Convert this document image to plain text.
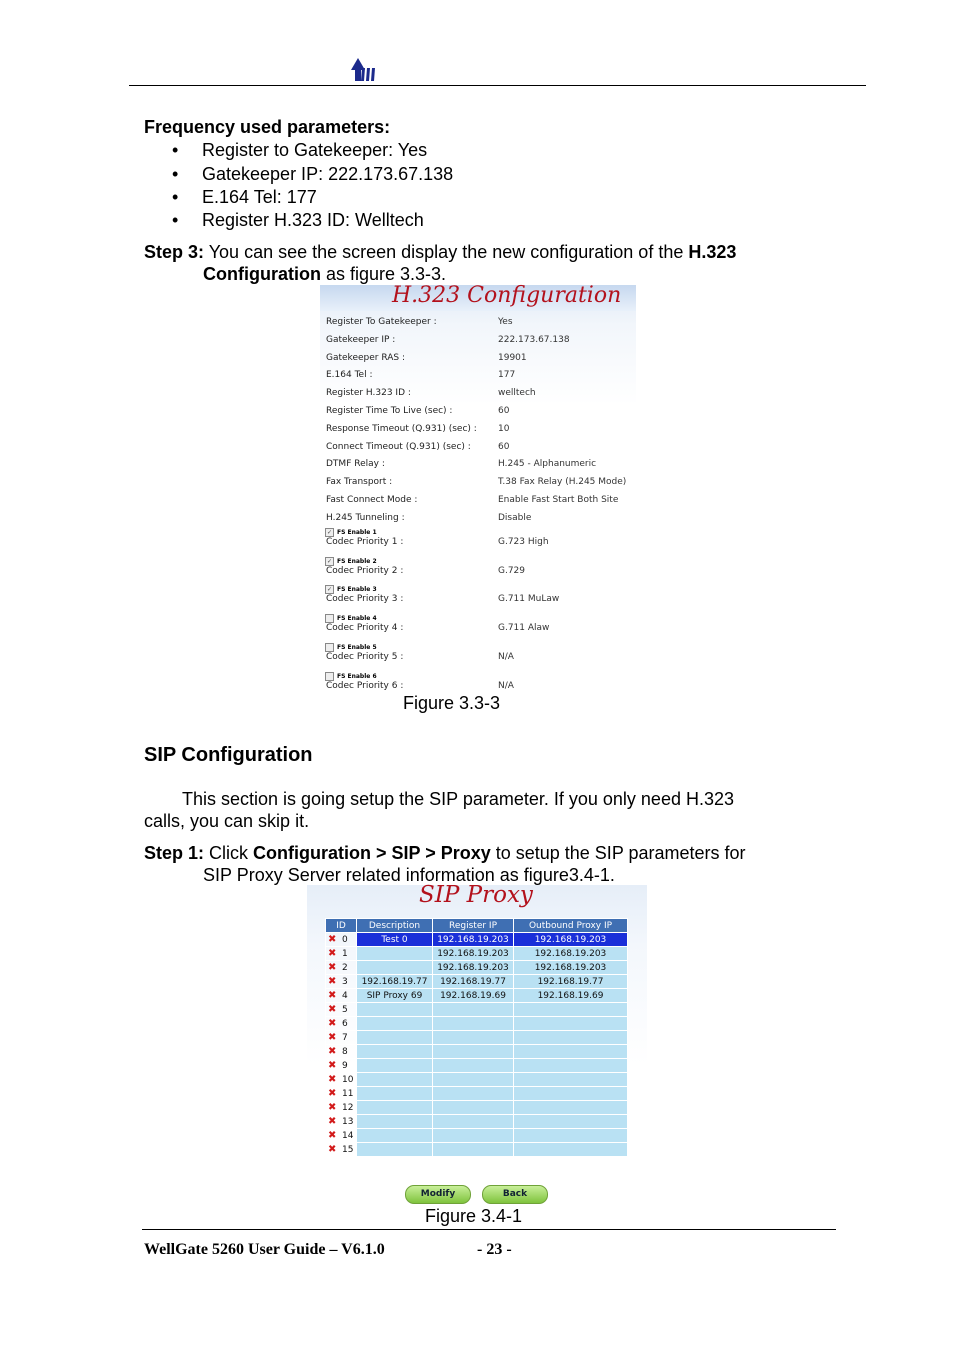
Frequency used parameters:
• Register to Gatekeeper: Yes
• Gatekeeper IP: 222.173.67.138
• E.164 Tel: 177
• Register H.323 ID: Welltech
Step 3: You can see the screen display the new configuration of the H.323
Configuration as figure 3.3-3.
H.323 Configuration
Register To Gatekeeper :	Yes
Gatekeeper IP :	222.173.67.138
Gatekeeper RAS :	19901
E.164 Tel :	177
Register H.323 ID :	welltech
Register Time To Live (sec) :	60
Response Timeout (Q.931) (sec) : 10
Connect Timeout (Q.931) (sec) :	60
DTMF Relay :	H.245 - Alphanumeric
Fax Transport :	T.38 Fax Relay (H.245 Mode)
Fast Connect Mode :	Enable Fast Start Both Site
H.245 Tunneling :	Disable
✓ FS Enable 1
Codec Priority 1 :	G.723 High
✓ FS Enable 2
Codec Priority 2 :	G.729
✓ FS Enable 3
Codec Priority 3 :	G.711 MuLaw
FS Enable 4
Codec Priority 4 :	G.711 Alaw
FS Enable 5
Codec Priority 5 :	N/A
FS Enable 6
Codec Priority 6 :	N/A
Figure 3.3-3
SIP Configuration
This section is going setup the SIP parameter. If you only need H.323
calls, you can skip it.
Step 1: Click Configuration > SIP > Proxy to setup the SIP parameters for
SIP Proxy Server related information as figure3.4-1.
SIP Proxy
ID	Description	Register IP	Outbound Proxy IP
✖ 0	Test 0	192.168.19.203	192.168.19.203
✖ 1		192.168.19.203	192.168.19.203
✖ 2		192.168.19.203	192.168.19.203
✖ 3	192.168.19.77	192.168.19.77	192.168.19.77
✖ 4	SIP Proxy 69	192.168.19.69	192.168.19.69
✖ 5			
✖ 6			
✖ 7			
✖ 8			
✖ 9			
✖ 10			
✖ 11			
✖ 12			
✖ 13			
✖ 14			
✖ 15			
Modify	Back
Figure 3.4-1
WellGate 5260 User Guide – V6.1.0	- 23 -
